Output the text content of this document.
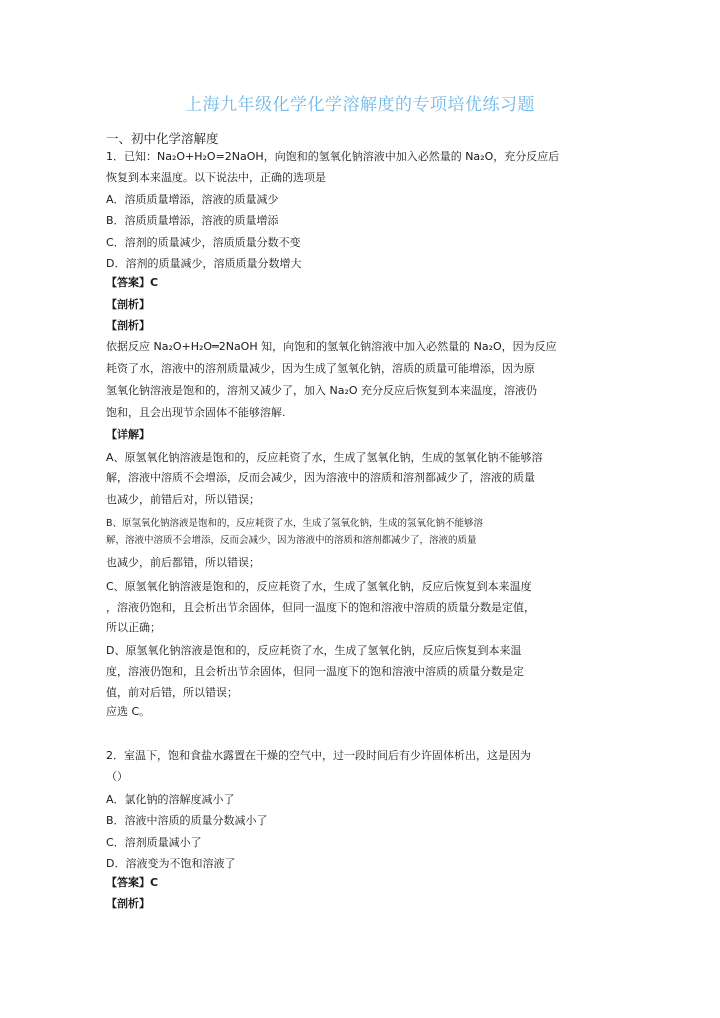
上海九年级化学化学溶解度的专项培优练习题
一、初中化学溶解度
1．已知：Na₂O+H₂O=2NaOH，向饱和的氢氧化钠溶液中加入必然量的 Na₂O，充分反应后
恢复到本来温度。以下说法中，正确的选项是
A．溶质质量增添，溶液的质量减少
B．溶质质量增添，溶液的质量增添
C．溶剂的质量减少，溶质质量分数不变
D．溶剂的质量减少，溶质质量分数增大
【答案】C
【剖析】
【剖析】
依据反应 Na₂O+H₂O═2NaOH 知，向饱和的氢氧化钠溶液中加入必然量的 Na₂O，因为反应
耗资了水，溶液中的溶剂质量减少，因为生成了氢氧化钠，溶质的质量可能增添，因为原
氢氧化钠溶液是饱和的，溶剂又减少了，加入 Na₂O 充分反应后恢复到本来温度，溶液仍
饱和，且会出现节余固体不能够溶解.
【详解】
A、原氢氧化钠溶液是饱和的，反应耗资了水，生成了氢氧化钠，生成的氢氧化钠不能够溶
解，溶液中溶质不会增添，反而会减少，因为溶液中的溶质和溶剂都减少了，溶液的质量
也减少，前错后对，所以错误；
B、原氢氧化钠溶液是饱和的，反应耗资了水，生成了氢氧化钠，生成的氢氧化钠不能够溶
解，溶液中溶质不会增添，反而会减少，因为溶液中的溶质和溶剂都减少了，溶液的质量
也减少，前后都错，所以错误；
C、原氢氧化钠溶液是饱和的，反应耗资了水，生成了氢氧化钠，反应后恢复到本来温度
，溶液仍饱和，且会析出节余固体，但同一温度下的饱和溶液中溶质的质量分数是定值，
所以正确；
D、原氢氧化钠溶液是饱和的，反应耗资了水，生成了氢氧化钠，反应后恢复到本来温
度，溶液仍饱和，且会析出节余固体，但同一温度下的饱和溶液中溶质的质量分数是定
值，前对后错，所以错误；
应选 C。
2．室温下，饱和食盐水露置在干燥的空气中，过一段时间后有少许固体析出，这是因为
（）
A．氯化钠的溶解度减小了
B．溶液中溶质的质量分数减小了
C．溶剂质量减小了
D．溶液变为不饱和溶液了
【答案】C
【剖析】
